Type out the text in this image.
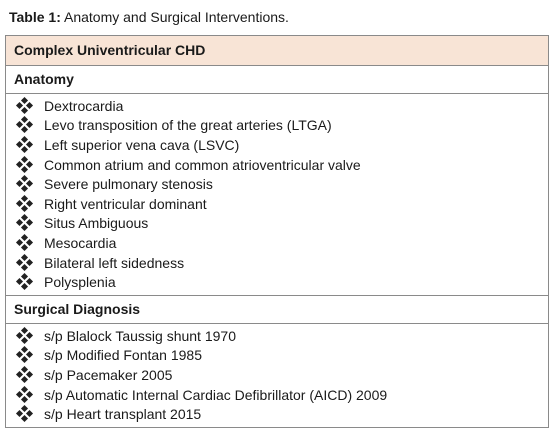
Table 1: Anatomy and Surgical Interventions.
Complex Univentricular CHD
Anatomy
Dextrocardia
Levo transposition of the great arteries (LTGA)
Left superior vena cava (LSVC)
Common atrium and common atrioventricular valve
Severe pulmonary stenosis
Right ventricular dominant
Situs Ambiguous
Mesocardia
Bilateral left sidedness
Polysplenia
Surgical Diagnosis
s/p Blalock Taussig shunt 1970
s/p Modified Fontan 1985
s/p Pacemaker 2005
s/p Automatic Internal Cardiac Defibrillator (AICD) 2009
s/p Heart transplant 2015
